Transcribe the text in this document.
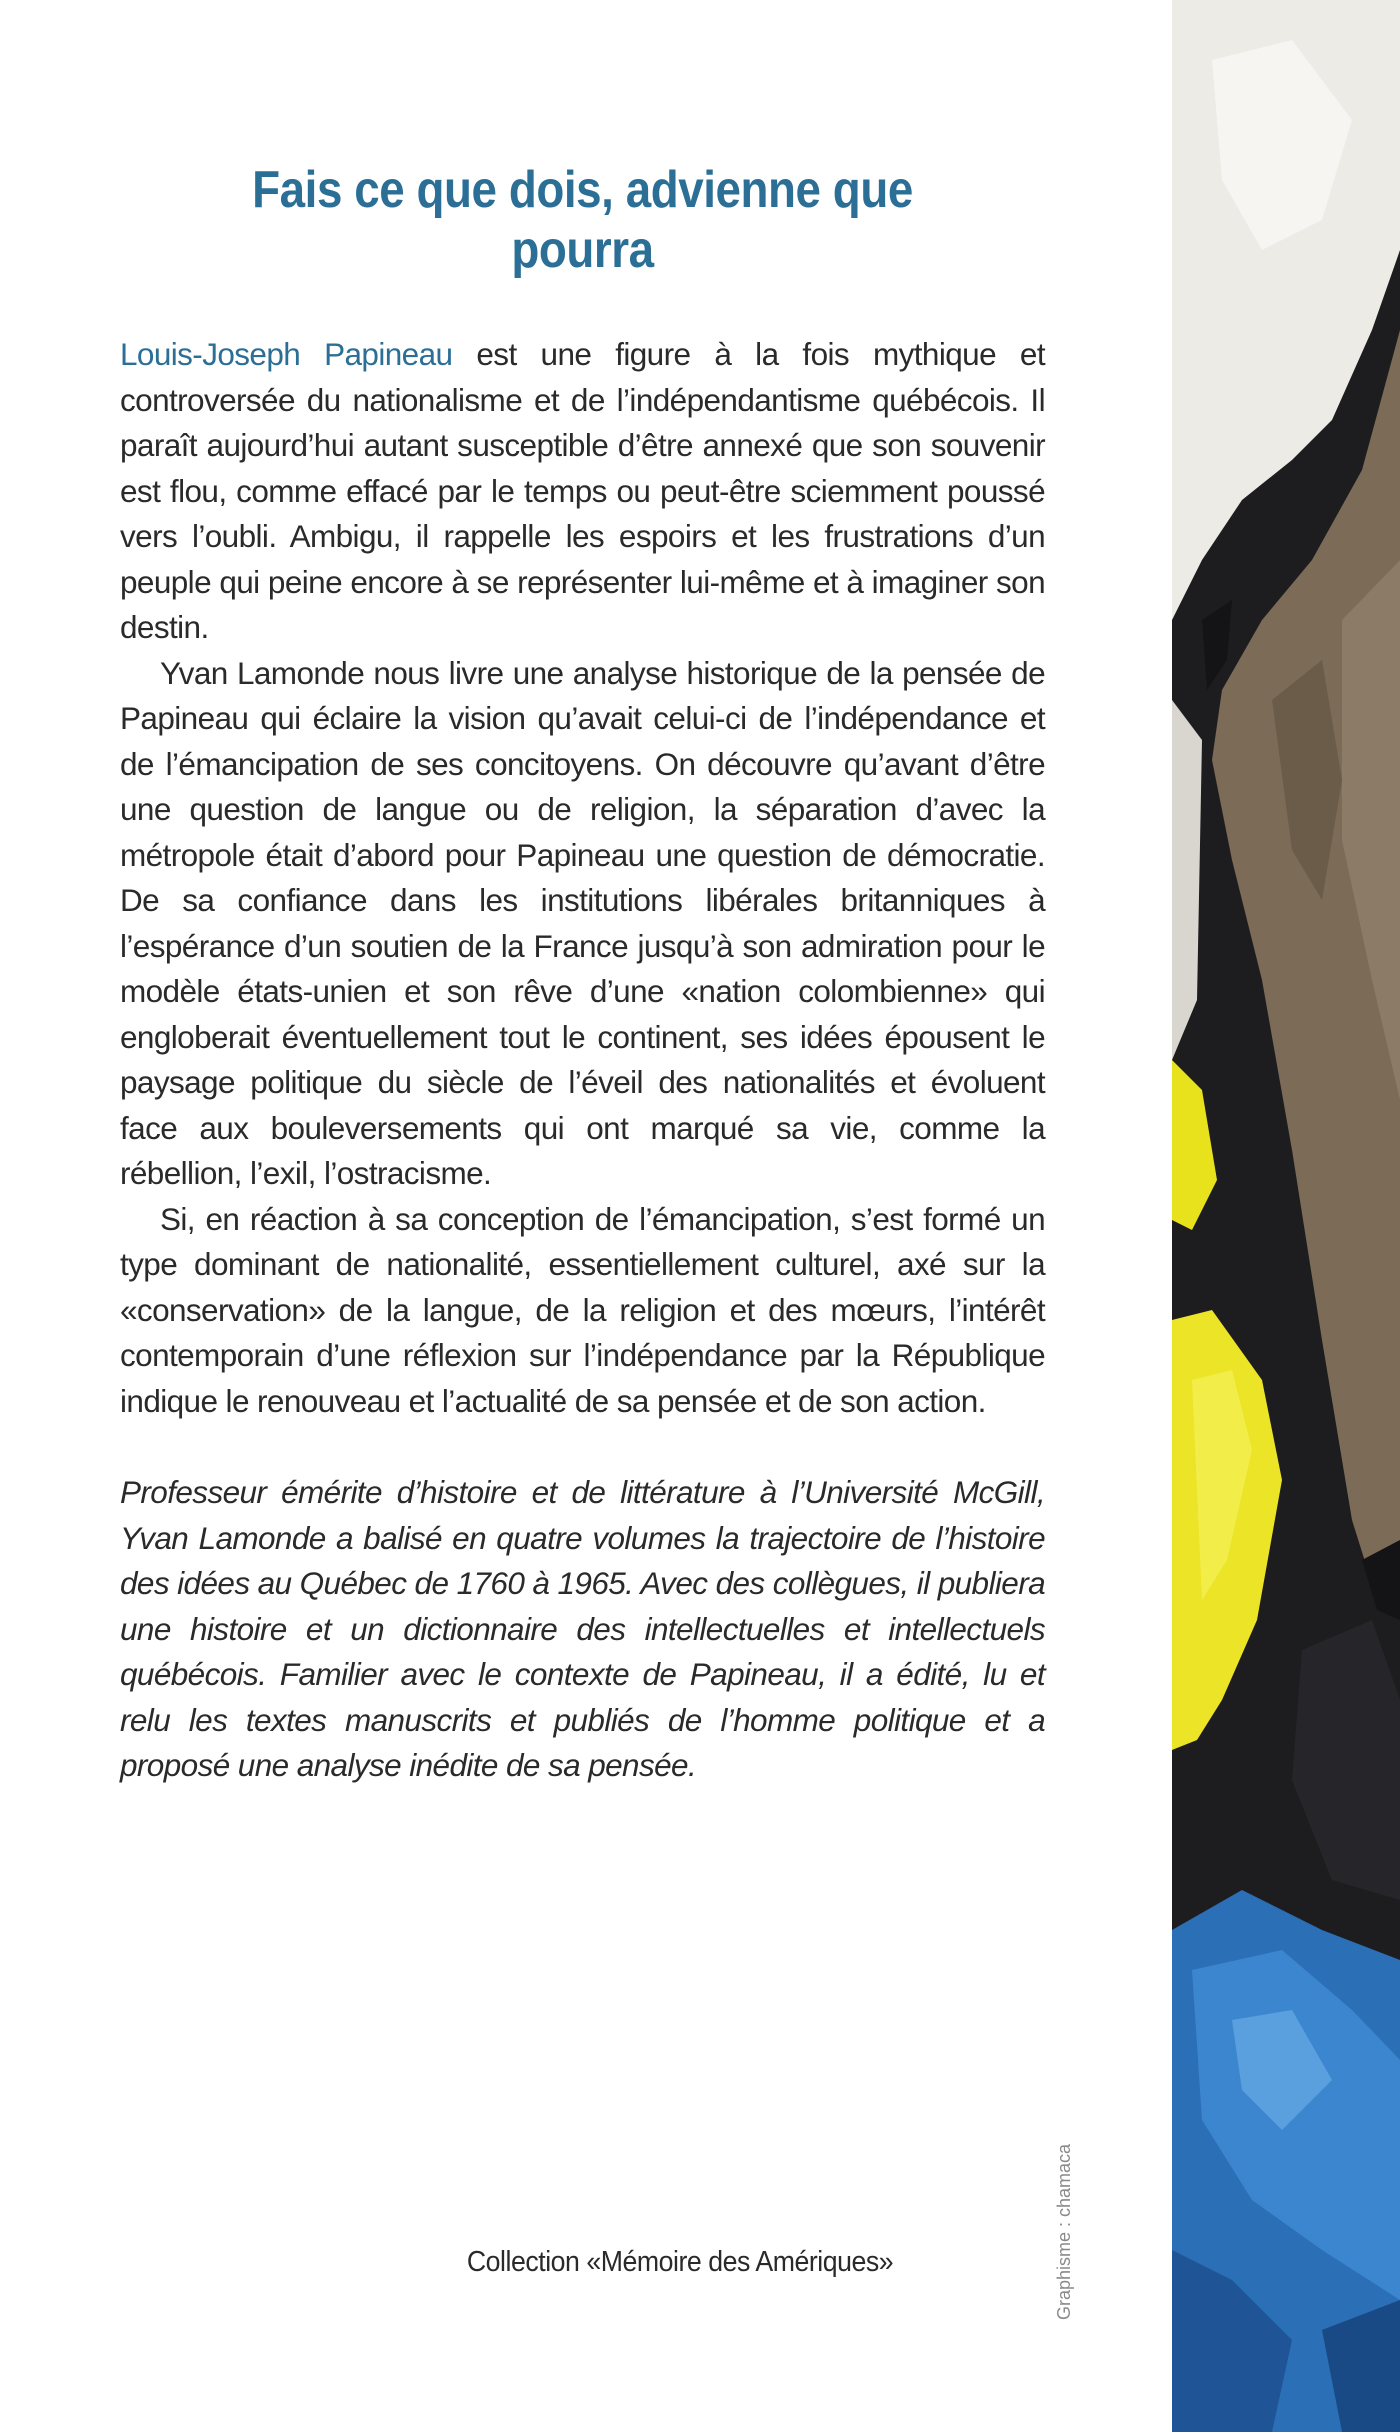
Fais ce que dois, advienne que pourra

Louis-Joseph Papineau est une figure à la fois mythique et controversée du nationalisme et de l’indépendantisme québécois. Il paraît aujourd’hui autant susceptible d’être annexé que son souvenir est flou, comme effacé par le temps ou peut-être sciemment poussé vers l’oubli. Ambigu, il rappelle les espoirs et les frustrations d’un peuple qui peine encore à se représenter lui-même et à imaginer son destin.

Yvan Lamonde nous livre une analyse historique de la pensée de Papineau qui éclaire la vision qu’avait celui-ci de l’indépendance et de l’émancipation de ses concitoyens. On découvre qu’avant d’être une question de langue ou de religion, la séparation d’avec la métropole était d’abord pour Papineau une question de démocratie. De sa confiance dans les institutions libérales britanniques à l’espérance d’un soutien de la France jusqu’à son admiration pour le modèle états-unien et son rêve d’une «nation colombienne» qui engloberait éventuellement tout le continent, ses idées épousent le paysage politique du siècle de l’éveil des nationalités et évoluent face aux bouleversements qui ont marqué sa vie, comme la rébellion, l’exil, l’ostracisme.

Si, en réaction à sa conception de l’émancipation, s’est formé un type dominant de nationalité, essentiellement culturel, axé sur la «conservation» de la langue, de la religion et des mœurs, l’intérêt contemporain d’une réflexion sur l’indépendance par la République indique le renouveau et l’actualité de sa pensée et de son action.

Professeur émérite d’histoire et de littérature à l’Université McGill, Yvan Lamonde a balisé en quatre volumes la trajectoire de l’histoire des idées au Québec de 1760 à 1965. Avec des collègues, il publiera une histoire et un dictionnaire des intellectuelles et intellectuels québécois. Familier avec le contexte de Papineau, il a édité, lu et relu les textes manuscrits et publiés de l’homme politique et a proposé une analyse inédite de sa pensée.

Collection «Mémoire des Amériques»	Graphisme : chamaca
